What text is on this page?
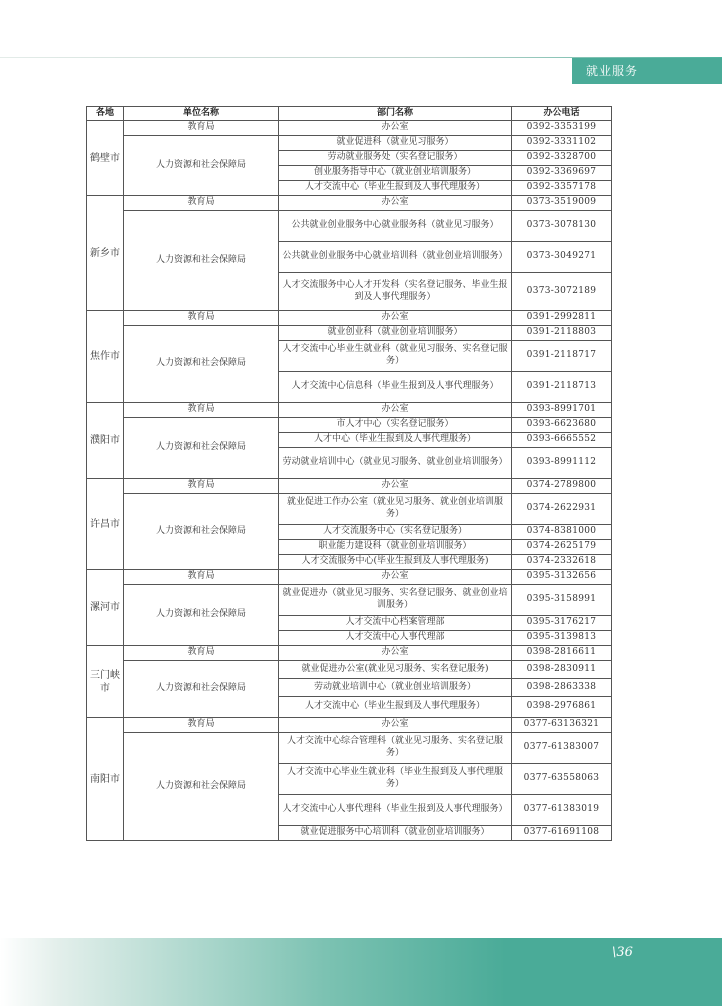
就业服务
各地	单位名称	部门名称	办公电话
鹤壁市	教育局	办公室	0392-3353199
	人力资源和社会保障局	就业促进科（就业见习服务）	0392-3331102
		劳动就业服务处（实名登记服务）	0392-3328700
		创业服务指导中心（就业创业培训服务）	0392-3369697
		人才交流中心（毕业生报到及人事代理服务）	0392-3357178
新乡市	教育局	办公室	0373-3519009
	人力资源和社会保障局	公共就业创业服务中心就业服务科（就业见习服务）	0373-3078130
		公共就业创业服务中心就业培训科（就业创业培训服务）	0373-3049271
		人才交流服务中心人才开发科（实名登记服务、毕业生报到及人事代理服务）	0373-3072189
焦作市	教育局	办公室	0391-2992811
	人力资源和社会保障局	就业创业科（就业创业培训服务）	0391-2118803
		人才交流中心毕业生就业科（就业见习服务、实名登记服务）	0391-2118717
		人才交流中心信息科（毕业生报到及人事代理服务）	0391-2118713
濮阳市	教育局	办公室	0393-8991701
	人力资源和社会保障局	市人才中心（实名登记服务）	0393-6623680
		人才中心（毕业生报到及人事代理服务）	0393-6665552
		劳动就业培训中心（就业见习服务、就业创业培训服务）	0393-8991112
许昌市	教育局	办公室	0374-2789800
	人力资源和社会保障局	就业促进工作办公室（就业见习服务、就业创业培训服务）	0374-2622931
		人才交流服务中心（实名登记服务）	0374-8381000
		职业能力建设科（就业创业培训服务）	0374-2625179
		人才交流服务中心(毕业生报到及人事代理服务)	0374-2332618
漯河市	教育局	办公室	0395-3132656
	人力资源和社会保障局	就业促进办（就业见习服务、实名登记服务、就业创业培训服务）	0395-3158991
		人才交流中心档案管理部	0395-3176217
		人才交流中心人事代理部	0395-3139813
三门峡市	教育局	办公室	0398-2816611
	人力资源和社会保障局	就业促进办公室(就业见习服务、实名登记服务)	0398-2830911
		劳动就业培训中心（就业创业培训服务）	0398-2863338
		人才交流中心（毕业生报到及人事代理服务）	0398-2976861
南阳市	教育局	办公室	0377-63136321
	人力资源和社会保障局	人才交流中心综合管理科（就业见习服务、实名登记服务）	0377-61383007
		人才交流中心毕业生就业科（毕业生报到及人事代理服务）	0377-63558063
		人才交流中心人事代理科（毕业生报到及人事代理服务）	0377-61383019
		就业促进服务中心培训科（就业创业培训服务）	0377-61691108
\36
